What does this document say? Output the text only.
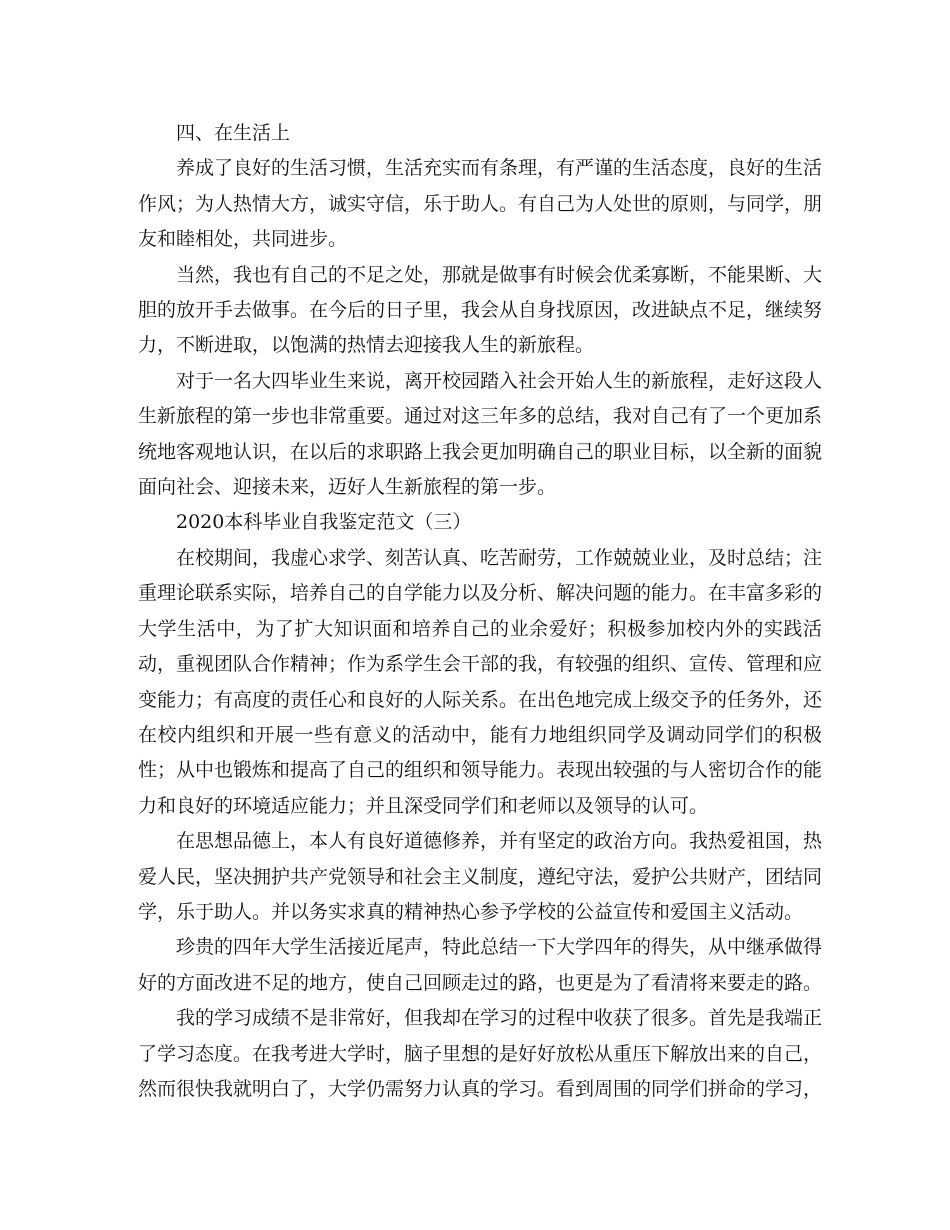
四、在生活上

养成了良好的生活习惯，生活充实而有条理，有严谨的生活态度，良好的生活作风；为人热情大方，诚实守信，乐于助人。有自己为人处世的原则，与同学，朋友和睦相处，共同进步。

当然，我也有自己的不足之处，那就是做事有时候会优柔寡断，不能果断、大胆的放开手去做事。在今后的日子里，我会从自身找原因，改进缺点不足，继续努力，不断进取，以饱满的热情去迎接我人生的新旅程。

对于一名大四毕业生来说，离开校园踏入社会开始人生的新旅程，走好这段人生新旅程的第一步也非常重要。通过对这三年多的总结，我对自己有了一个更加系统地客观地认识，在以后的求职路上我会更加明确自己的职业目标，以全新的面貌面向社会、迎接未来，迈好人生新旅程的第一步。

2020本科毕业自我鉴定范文（三）

在校期间，我虚心求学、刻苦认真、吃苦耐劳，工作兢兢业业，及时总结；注重理论联系实际，培养自己的自学能力以及分析、解决问题的能力。在丰富多彩的大学生活中，为了扩大知识面和培养自己的业余爱好；积极参加校内外的实践活动，重视团队合作精神；作为系学生会干部的我，有较强的组织、宣传、管理和应变能力；有高度的责任心和良好的人际关系。在出色地完成上级交予的任务外，还在校内组织和开展一些有意义的活动中，能有力地组织同学及调动同学们的积极性；从中也锻炼和提高了自己的组织和领导能力。表现出较强的与人密切合作的能力和良好的环境适应能力；并且深受同学们和老师以及领导的认可。

在思想品德上，本人有良好道德修养，并有坚定的政治方向。我热爱祖国，热爱人民，坚决拥护共产党领导和社会主义制度，遵纪守法，爱护公共财产，团结同学，乐于助人。并以务实求真的精神热心参予学校的公益宣传和爱国主义活动。

珍贵的四年大学生活接近尾声，特此总结一下大学四年的得失，从中继承做得好的方面改进不足的地方，使自己回顾走过的路，也更是为了看清将来要走的路。

我的学习成绩不是非常好，但我却在学习的过程中收获了很多。首先是我端正了学习态度。在我考进大学时，脑子里想的是好好放松从重压下解放出来的自己，然而很快我就明白了，大学仍需努力认真的学习。看到周围的同学们拼命的学习，
